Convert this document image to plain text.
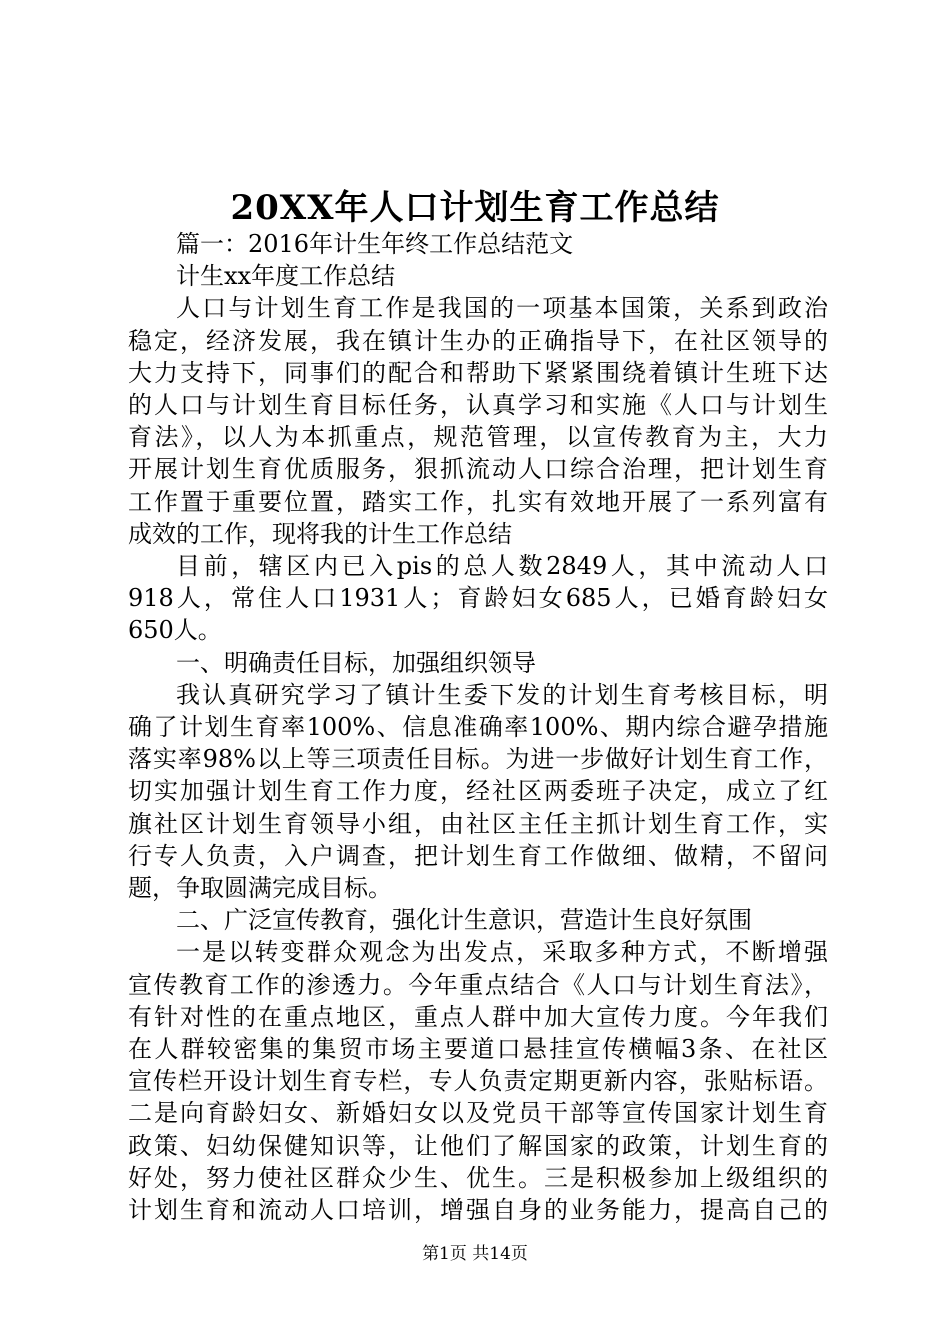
20XX年人口计划生育工作总结
篇一：2016年计生年终工作总结范文
计生xx年度工作总结
人口与计划生育工作是我国的一项基本国策，关系到政治
稳定，经济发展，我在镇计生办的正确指导下，在社区领导的
大力支持下，同事们的配合和帮助下紧紧围绕着镇计生班下达
的人口与计划生育目标任务，认真学习和实施《人口与计划生
育法》，以人为本抓重点，规范管理，以宣传教育为主，大力
开展计划生育优质服务，狠抓流动人口综合治理，把计划生育
工作置于重要位置，踏实工作，扎实有效地开展了一系列富有
成效的工作，现将我的计生工作总结
目前，辖区内已入pis的总人数2849人，其中流动人口
918人，常住人口1931人；育龄妇女685人，已婚育龄妇女
650人。
一、明确责任目标，加强组织领导
我认真研究学习了镇计生委下发的计划生育考核目标，明
确了计划生育率100%、信息准确率100%、期内综合避孕措施
落实率98%以上等三项责任目标。为进一步做好计划生育工作，
切实加强计划生育工作力度，经社区两委班子决定，成立了红
旗社区计划生育领导小组，由社区主任主抓计划生育工作，实
行专人负责，入户调查，把计划生育工作做细、做精，不留问
题，争取圆满完成目标。
二、广泛宣传教育，强化计生意识，营造计生良好氛围
一是以转变群众观念为出发点，采取多种方式，不断增强
宣传教育工作的渗透力。今年重点结合《人口与计划生育法》，
有针对性的在重点地区，重点人群中加大宣传力度。今年我们
在人群较密集的集贸市场主要道口悬挂宣传横幅3条、在社区
宣传栏开设计划生育专栏，专人负责定期更新内容，张贴标语。
二是向育龄妇女、新婚妇女以及党员干部等宣传国家计划生育
政策、妇幼保健知识等，让他们了解国家的政策，计划生育的
好处，努力使社区群众少生、优生。三是积极参加上级组织的
计划生育和流动人口培训，增强自身的业务能力，提高自己的
第1页 共14页
